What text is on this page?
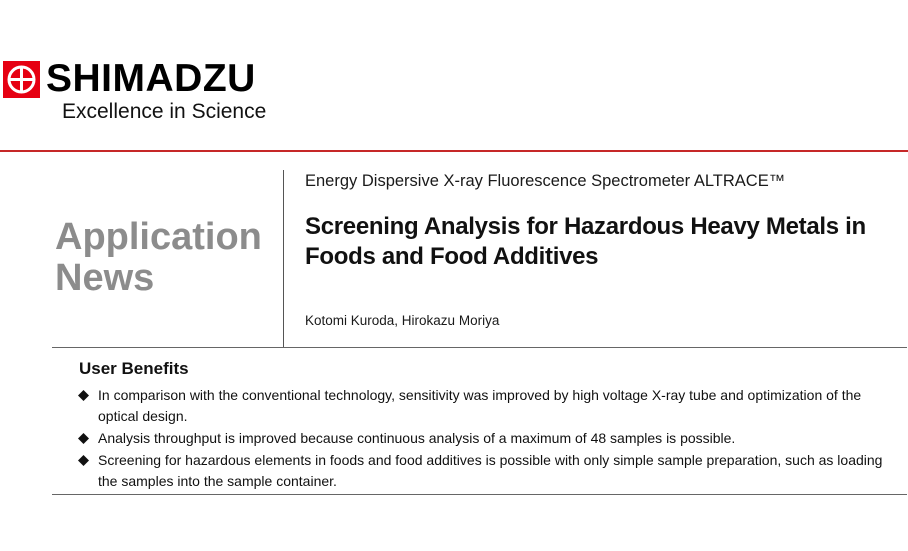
SHIMADZU
Excellence in Science
Application
News
Energy Dispersive X-ray Fluorescence Spectrometer ALTRACE™
Screening Analysis for Hazardous Heavy Metals in Foods and Food Additives
Kotomi Kuroda, Hirokazu Moriya
User Benefits
In comparison with the conventional technology, sensitivity was improved by high voltage X-ray tube and optimization of the optical design.
Analysis throughput is improved because continuous analysis of a maximum of 48 samples is possible.
Screening for hazardous elements in foods and food additives is possible with only simple sample preparation, such as loading the samples into the sample container.
